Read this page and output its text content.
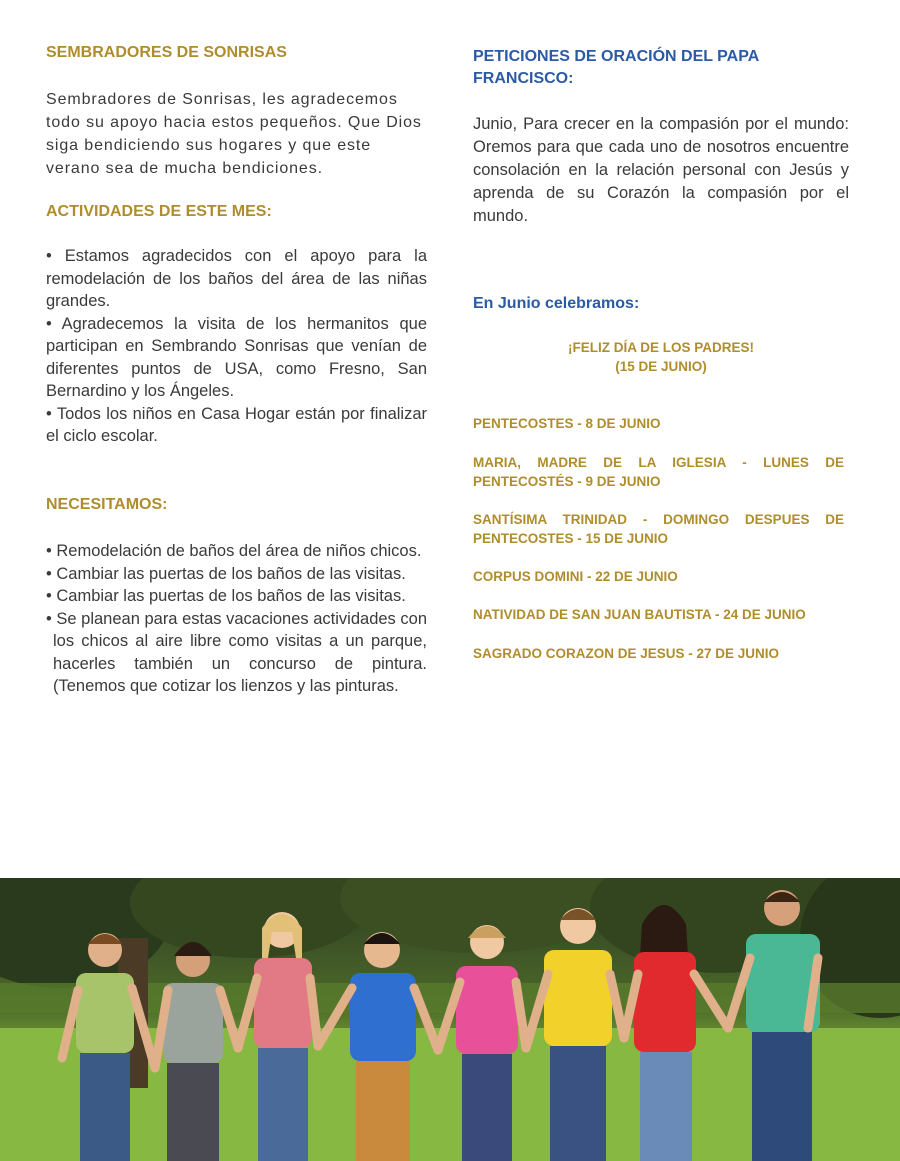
SEMBRADORES DE SONRISAS

Sembradores de Sonrisas, les agradecemos todo su apoyo hacia estos pequeños. Que Dios siga bendiciendo sus hogares y que este verano sea de mucha bendiciones.

ACTIVIDADES DE ESTE MES:

• Estamos agradecidos con el apoyo para la remodelación de los baños del área de las niñas grandes.

• Agradecemos la visita de los hermanitos que participan en Sembrando Sonrisas que venían de diferentes puntos de USA, como Fresno, San Bernardino y los Ángeles.

• Todos los niños en Casa Hogar están por finalizar el ciclo escolar.

NECESITAMOS:

• Remodelación de baños del área de niños chicos.

• Cambiar las puertas de los baños de las visitas.

• Cambiar las puertas de los baños de las visitas.

• Se planean para estas vacaciones actividades con los chicos al aire libre como visitas a un parque, hacerles también un concurso de pintura. (Tenemos que cotizar los lienzos y las pinturas.

PETICIONES DE ORACIÓN DEL PAPA FRANCISCO:

Junio, Para crecer en la compasión por el mundo: Oremos para que cada uno de nosotros encuentre consolación en la relación personal con Jesús y aprenda de su Corazón la compasión por el mundo.

En Junio celebramos:

¡FELIZ DÍA DE LOS PADRES!

(15 DE JUNIO)

PENTECOSTES - 8 DE JUNIO

MARIA, MADRE DE LA IGLESIA - LUNES DE PENTECOSTÉS - 9 DE JUNIO

SANTÍSIMA TRINIDAD - DOMINGO DESPUES DE PENTECOSTES - 15 DE JUNIO

CORPUS DOMINI - 22 DE JUNIO

NATIVIDAD DE SAN JUAN BAUTISTA - 24 DE JUNIO

SAGRADO CORAZON DE JESUS - 27 DE JUNIO
